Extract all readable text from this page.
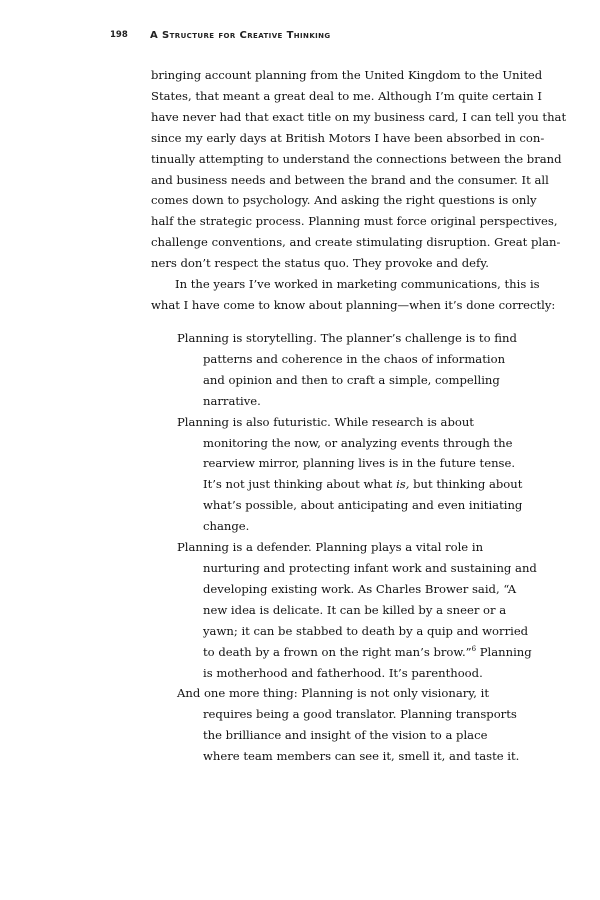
198 A Structure for Creative Thinking

bringing account planning from the United Kingdom to the United
States, that meant a great deal to me. Although I’m quite certain I
have never had that exact title on my business card, I can tell you that
since my early days at British Motors I have been absorbed in con-
tinually attempting to understand the connections between the brand
and business needs and between the brand and the consumer. It all
comes down to psychology. And asking the right questions is only
half the strategic process. Planning must force original perspectives,
challenge conventions, and create stimulating disruption. Great plan-
ners don’t respect the status quo. They provoke and defy.

In the years I’ve worked in marketing communications, this is
what I have come to know about planning—when it’s done correctly:

Planning is storytelling. The planner’s challenge is to find
patterns and coherence in the chaos of information
and opinion and then to craft a simple, compelling
narrative.
Planning is also futuristic. While research is about
monitoring the now, or analyzing events through the
rearview mirror, planning lives is in the future tense.
It’s not just thinking about what is, but thinking about
what’s possible, about anticipating and even initiating
change.
Planning is a defender. Planning plays a vital role in
nurturing and protecting infant work and sustaining and
developing existing work. As Charles Brower said, “A
new idea is delicate. It can be killed by a sneer or a
yawn; it can be stabbed to death by a quip and worried
to death by a frown on the right man’s brow.”$^6$ Planning
is motherhood and fatherhood. It’s parenthood.
And one more thing: Planning is not only visionary, it
requires being a good translator. Planning transports
the brilliance and insight of the vision to a place
where team members can see it, smell it, and taste it.
